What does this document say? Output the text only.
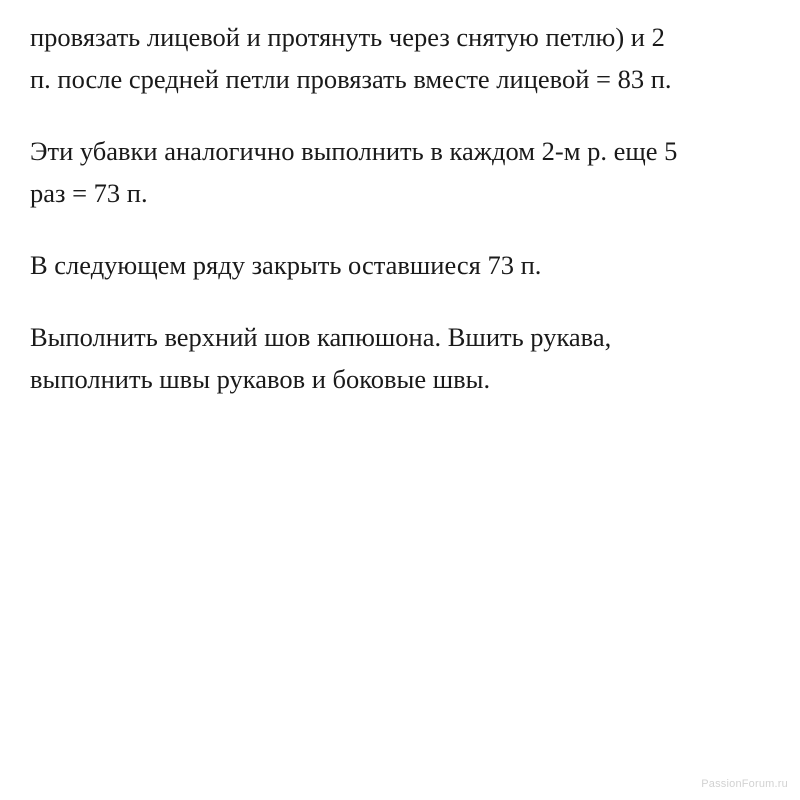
провязать лицевой и протянуть через снятую петлю) и 2
п. после средней петли провязать вместе лицевой = 83 п.

Эти убавки аналогично выполнить в каждом 2-м р. еще 5
раз = 73 п.

В следующем ряду закрыть оставшиеся 73 п.

Выполнить верхний шов капюшона. Вшить рукава,
выполнить швы рукавов и боковые швы.

PassionForum.ru
